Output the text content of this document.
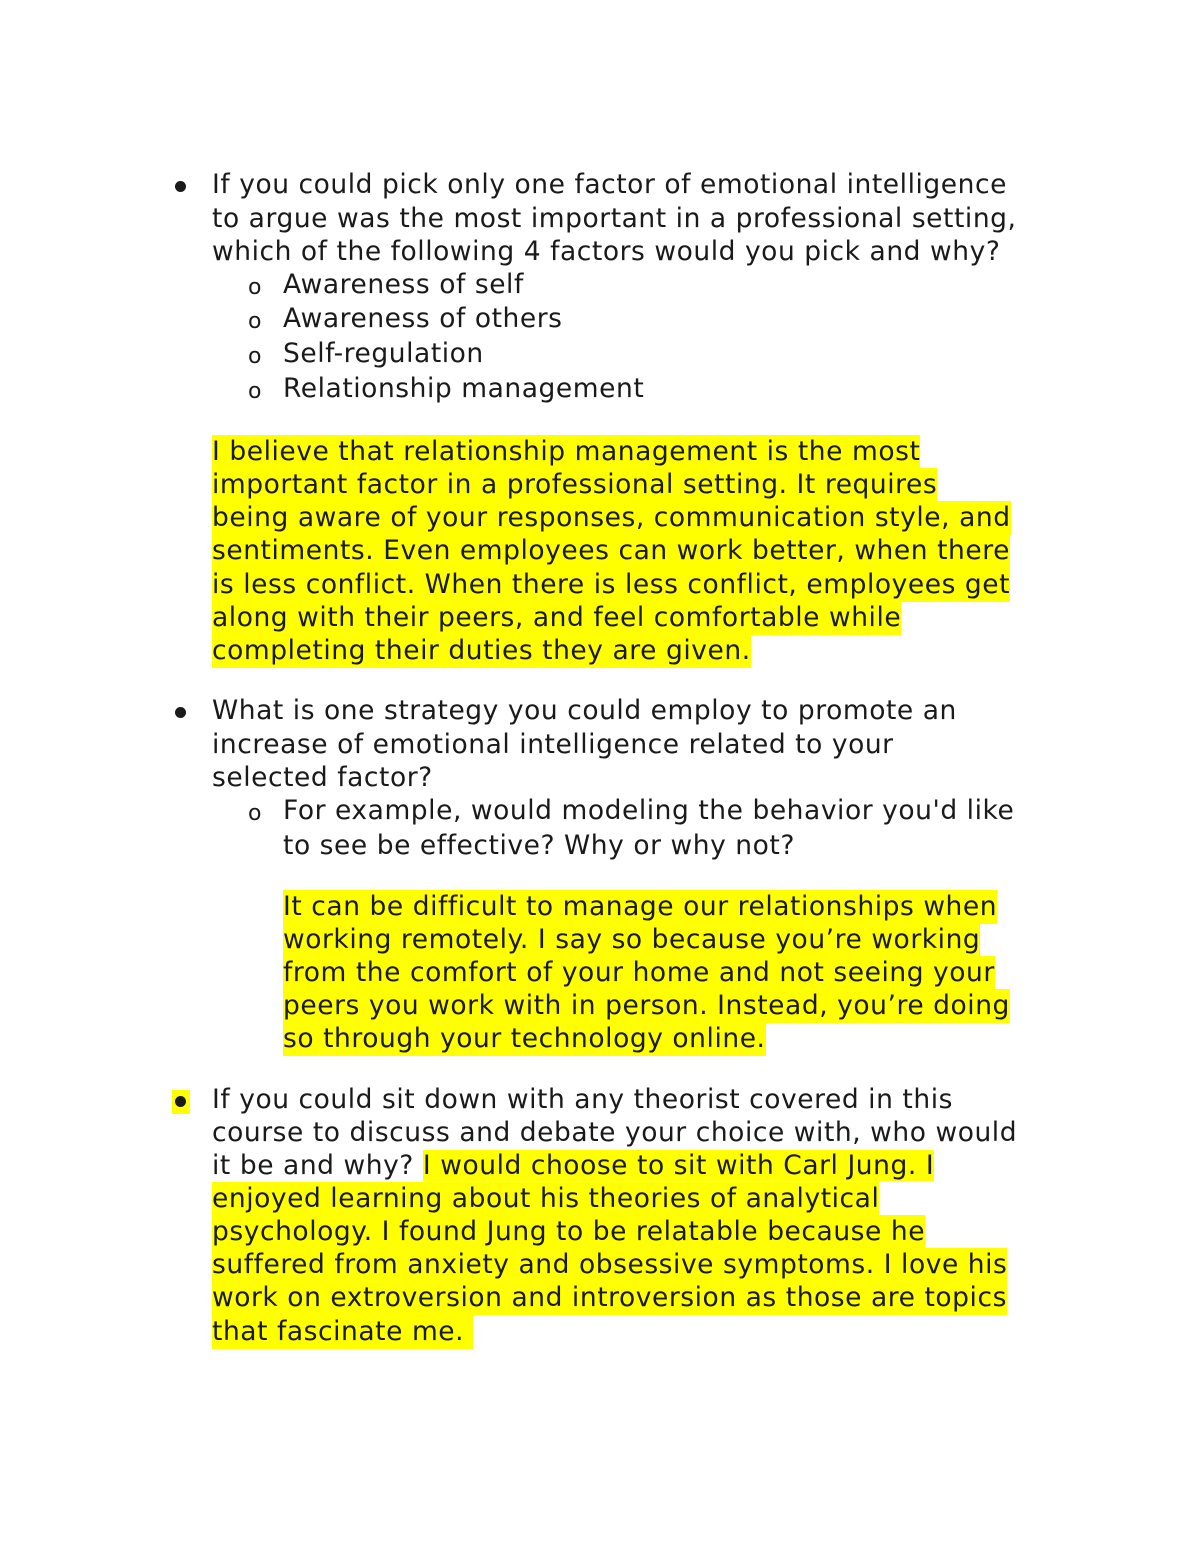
If you could pick only one factor of emotional intelligence
to argue was the most important in a professional setting,
which of the following 4 factors would you pick and why?
o Awareness of self
o Awareness of others
o Self-regulation
o Relationship management
I believe that relationship management is the most
important factor in a professional setting. It requires
being aware of your responses, communication style, and
sentiments. Even employees can work better, when there
is less conflict. When there is less conflict, employees get
along with their peers, and feel comfortable while
completing their duties they are given.
What is one strategy you could employ to promote an
increase of emotional intelligence related to your
selected factor?
o For example, would modeling the behavior you'd like
to see be effective? Why or why not?
It can be difficult to manage our relationships when
working remotely. I say so because you’re working
from the comfort of your home and not seeing your
peers you work with in person. Instead, you’re doing
so through your technology online.
If you could sit down with any theorist covered in this
course to discuss and debate your choice with, who would
it be and why? I would choose to sit with Carl Jung. I
enjoyed learning about his theories of analytical
psychology. I found Jung to be relatable because he
suffered from anxiety and obsessive symptoms. I love his
work on extroversion and introversion as those are topics
that fascinate me.
